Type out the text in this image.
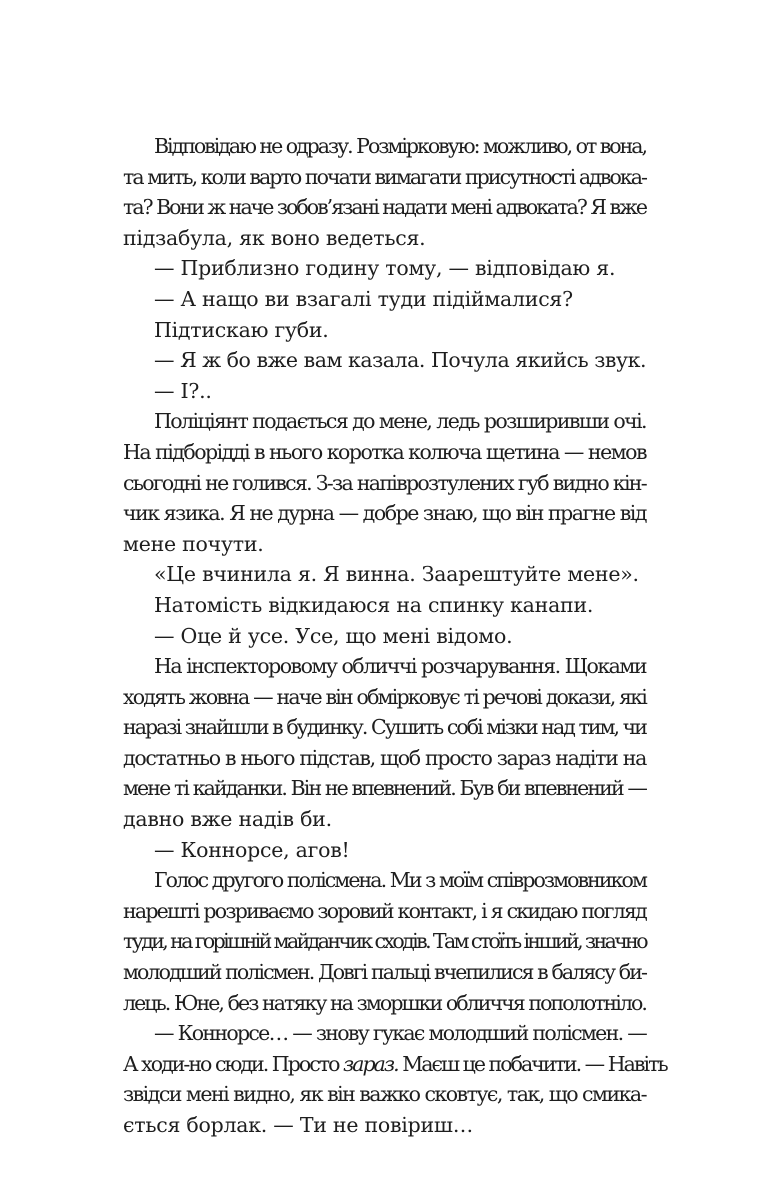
Відповідаю не одразу. Розмірковую: можливо, от вона,
та мить, коли варто почати вимагати присутності адвока-
та? Вони ж наче зобов’язані надати мені адвоката? Я вже
підзабула, як воно ведеться.
— Приблизно годину тому, — відповідаю я.
— А нащо ви взагалі туди підіймалися?
Підтискаю губи.
— Я ж бо вже вам казала. Почула якийсь звук.
— І?..
Поліціянт подається до мене, ледь розширивши очі.
На підборідді в нього коротка колюча щетина — немов
сьогодні не голився. З-за напіврозтулених губ видно кін-
чик язика. Я не дурна — добре знаю, що він прагне від
мене почути.
«Це вчинила я. Я винна. Заарештуйте мене».
Натомість відкидаюся на спинку канапи.
— Оце й усе. Усе, що мені відомо.
На інспекторовому обличчі розчарування. Щоками
ходять жовна — наче він обмірковує ті речові докази, які
наразі знайшли в будинку. Сушить собі мізки над тим, чи
достатньо в нього підстав, щоб просто зараз надіти на
мене ті кайданки. Він не впевнений. Був би впевнений —
давно вже надів би.
— Коннорсе, агов!
Голос другого полісмена. Ми з моїм співрозмовником
нарешті розриваємо зоровий контакт, і я скидаю погляд
туди, на горішній майданчик сходів. Там стоїть інший, значно
молодший полісмен. Довгі пальці вчепилися в балясу би-
лець. Юне, без натяку на зморшки обличчя пополотніло.
— Коннорсе… — знову гукає молодший полісмен. —
А ходи-но сюди. Просто зараз. Маєш це побачити. — Навіть
звідси мені видно, як він важко сковтує, так, що смика-
ється борлак. — Ти не повіриш…
